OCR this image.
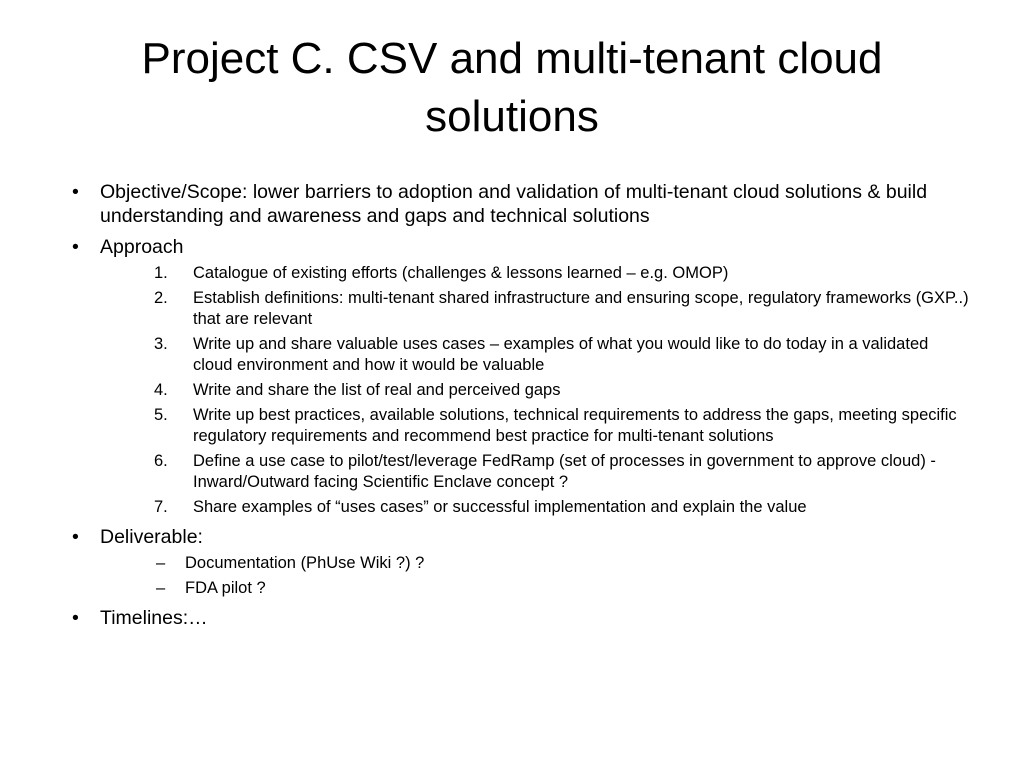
Project C. CSV and multi-tenant cloud solutions
• Objective/Scope: lower barriers to adoption and validation of multi-tenant cloud solutions & build understanding and awareness and gaps and technical solutions
• Approach
1. Catalogue of existing efforts (challenges & lessons learned – e.g. OMOP)
2. Establish definitions: multi-tenant shared infrastructure and ensuring scope, regulatory frameworks (GXP..) that are relevant
3. Write up and share valuable uses cases – examples of what you would like to do today in a validated cloud environment and how it would be valuable
4. Write and share the list of real and perceived gaps
5. Write up best practices, available solutions, technical requirements to address the gaps, meeting specific regulatory requirements and recommend best practice for multi-tenant solutions
6. Define a use case to pilot/test/leverage FedRamp (set of processes in government to approve cloud) - Inward/Outward facing Scientific Enclave concept ?
7. Share examples of “uses cases” or successful implementation and explain the value
• Deliverable:
– Documentation (PhUse Wiki ?) ?
– FDA pilot ?
• Timelines:…
